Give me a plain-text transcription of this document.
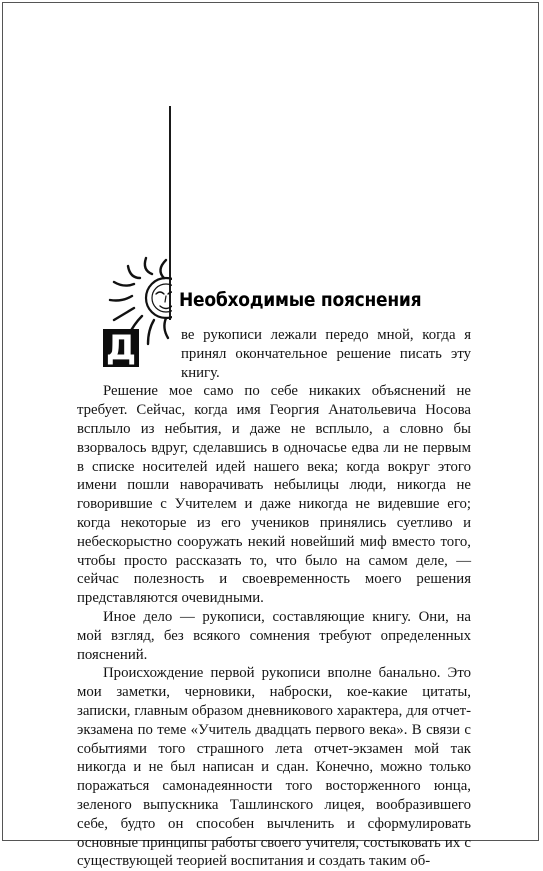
Необходимые пояснения

ве рукописи лежали передо мной, когда я принял окончательное решение писать эту книгу.

Решение мое само по себе никаких объяснений не требует. Сейчас, когда имя Георгия Анатольевича Носова всплыло из небытия, и даже не всплыло, а словно бы взорвалось вдруг, сделавшись в одночасье едва ли не первым в списке носителей идей нашего века; когда вокруг этого имени пошли наворачивать небылицы люди, никогда не говорившие с Учителем и даже никогда не видевшие его; когда некоторые из его учеников принялись суетливо и небескорыстно сооружать некий новейший миф вместо того, чтобы просто рассказать то, что было на самом деле, — сейчас полезность и своевременность моего решения представляются очевидными.

Иное дело — рукописи, составляющие книгу. Они, на мой взгляд, без всякого сомнения требуют определенных пояснений.

Происхождение первой рукописи вполне банально. Это мои заметки, черновики, наброски, кое-какие цитаты, записки, главным образом дневникового характера, для отчет-экзамена по теме «Учитель двадцать первого века». В связи с событиями того страшного лета отчет-экзамен мой так никогда и не был написан и сдан. Конечно, можно только поражаться самонадеянности того восторженного юнца, зеленого выпускника Ташлинского лицея, вообразившего себе, будто он способен вычленить и сформулировать основные принципы работы своего учителя, состыковать их с существующей теорией воспитания и создать таким об-

Д
